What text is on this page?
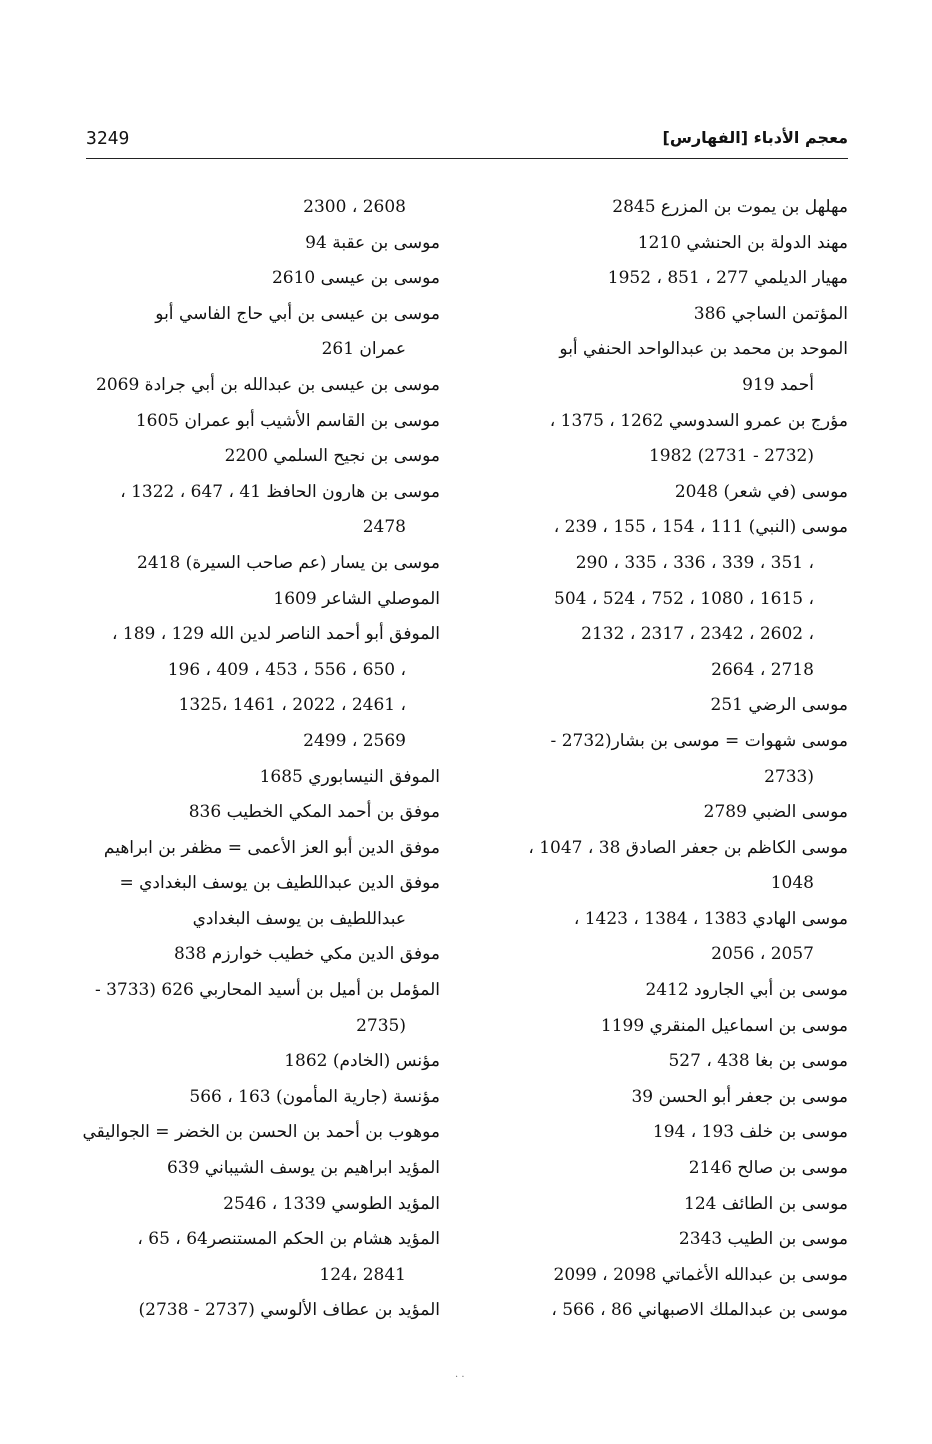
معجم الأدباء [الفهارس]
3249
مهلهل بن يموت بن المزرع 2845
مهند الدولة بن الحنشي 1210
مهيار الديلمي 277 ، 851 ، 1952
المؤتمن الساجي 386
الموحد بن محمد بن عبدالواحد الحنفي أبو
أحمد 919
مؤرج بن عمرو السدوسي 1262 ، 1375 ،
1982 (2731 - 2732)
موسى (في شعر) 2048
موسى (النبي) 111 ، 154 ، 155 ، 239 ،
290 ، 335 ، 336 ، 339 ، 351 ،
504 ، 524 ، 752 ، 1080 ، 1615 ،
2132 ، 2317 ، 2342 ، 2602 ،
2664 ، 2718
موسى الرضي 251
موسى شهوات = موسى بن بشار(2732 -
2733)
موسى الضبي 2789
موسى الكاظم بن جعفر الصادق 38 ، 1047 ،
1048
موسى الهادي 1383 ، 1384 ، 1423 ،
2056 ، 2057
موسى بن أبي الجارود 2412
موسى بن اسماعيل المنقري 1199
موسى بن بغا 438 ، 527
موسى بن جعفر أبو الحسن 39
موسى بن خلف 193 ، 194
موسى بن صالح 2146
موسى بن الطائف 124
موسى بن الطيب 2343
موسى بن عبدالله الأغماتي 2098 ، 2099
موسى بن عبدالملك الاصبهاني 86 ، 566 ،
2300 ، 2608
موسى بن عقبة 94
موسى بن عيسى 2610
موسى بن عيسى بن أبي حاج الفاسي أبو
عمران 261
موسى بن عيسى بن عبدالله بن أبي جرادة 2069
موسى بن القاسم الأشيب أبو عمران 1605
موسى بن نجيح السلمي 2200
موسى بن هارون الحافظ 41 ، 647 ، 1322 ،
2478
موسى بن يسار (عم صاحب السيرة) 2418
الموصلي الشاعر 1609
الموفق أبو أحمد الناصر لدين الله 129 ، 189 ،
196 ، 409 ، 453 ، 556 ، 650 ،
1325، 1461 ، 2022 ، 2461 ،
2499 ، 2569
الموفق النيسابوري 1685
موفق بن أحمد المكي الخطيب 836
موفق الدين أبو العز الأعمى = مظفر بن ابراهيم
موفق الدين عبداللطيف بن يوسف البغدادي =
عبداللطيف بن يوسف البغدادي
موفق الدين مكي خطيب خوارزم 838
المؤمل بن أميل بن أسيد المحاربي 626 (3733 -
2735)
مؤنس (الخادم) 1862
مؤنسة (جارية المأمون) 163 ، 566
موهوب بن أحمد بن الحسن بن الخضر = الجواليقي
المؤيد ابراهيم بن يوسف الشيباني 639
المؤيد الطوسي 1339 ، 2546
المؤيد هشام بن الحكم المستنصر64 ، 65 ،
124، 2841
المؤيد بن عطاف الألوسي (2737 - 2738)
· ·
